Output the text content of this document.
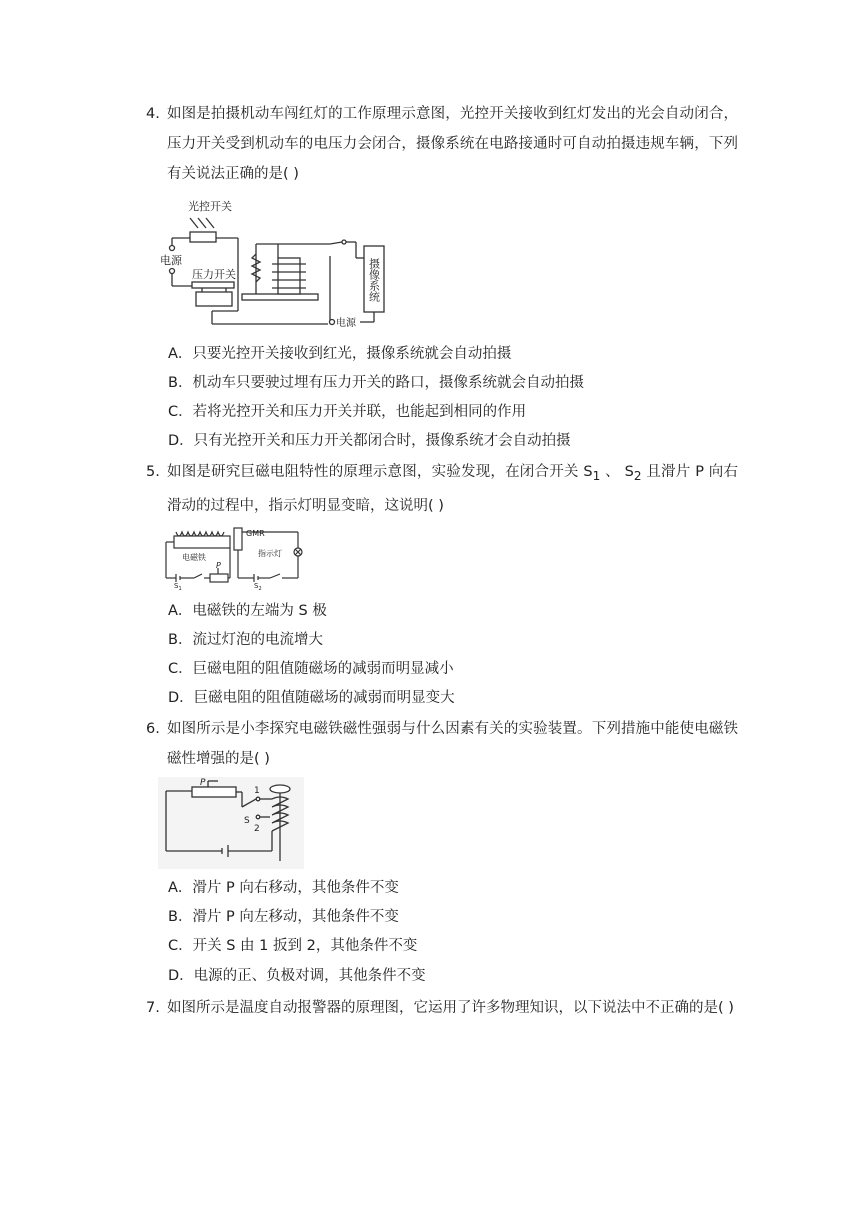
4. 如图是拍摄机动车闯红灯的工作原理示意图，光控开关接收到红灯发出的光会自动闭合，压力开关受到机动车的电压力会闭合，摄像系统在电路接通时可自动拍摄违规车辆，下列有关说法正确的是( )
光控开关
电源
压力开关
电源
摄像系统
A．只要光控开关接收到红光，摄像系统就会自动拍摄
B．机动车只要驶过埋有压力开关的路口，摄像系统就会自动拍摄
C．若将光控开关和压力开关并联，也能起到相同的作用
D．只有光控开关和压力开关都闭合时，摄像系统才会自动拍摄
5. 如图是研究巨磁电阻特性的原理示意图，实验发现，在闭合开关 $S_1$ 、 $S_2$ 且滑片 P 向右滑动的过程中，指示灯明显变暗，这说明( )
GMR
电磁铁	指示灯
P
$S_1$	$S_2$
A．电磁铁的左端为 S 极
B．流过灯泡的电流增大
C．巨磁电阻的阻值随磁场的减弱而明显减小
D．巨磁电阻的阻值随磁场的减弱而明显变大
6. 如图所示是小李探究电磁铁磁性强弱与什么因素有关的实验装置。下列措施中能使电磁铁磁性增强的是( )
P
1
S
2
A．滑片 P 向右移动，其他条件不变
B．滑片 P 向左移动，其他条件不变
C．开关 S 由 1 扳到 2，其他条件不变
D．电源的正、负极对调，其他条件不变
7. 如图所示是温度自动报警器的原理图，它运用了许多物理知识，以下说法中不正确的是( )
